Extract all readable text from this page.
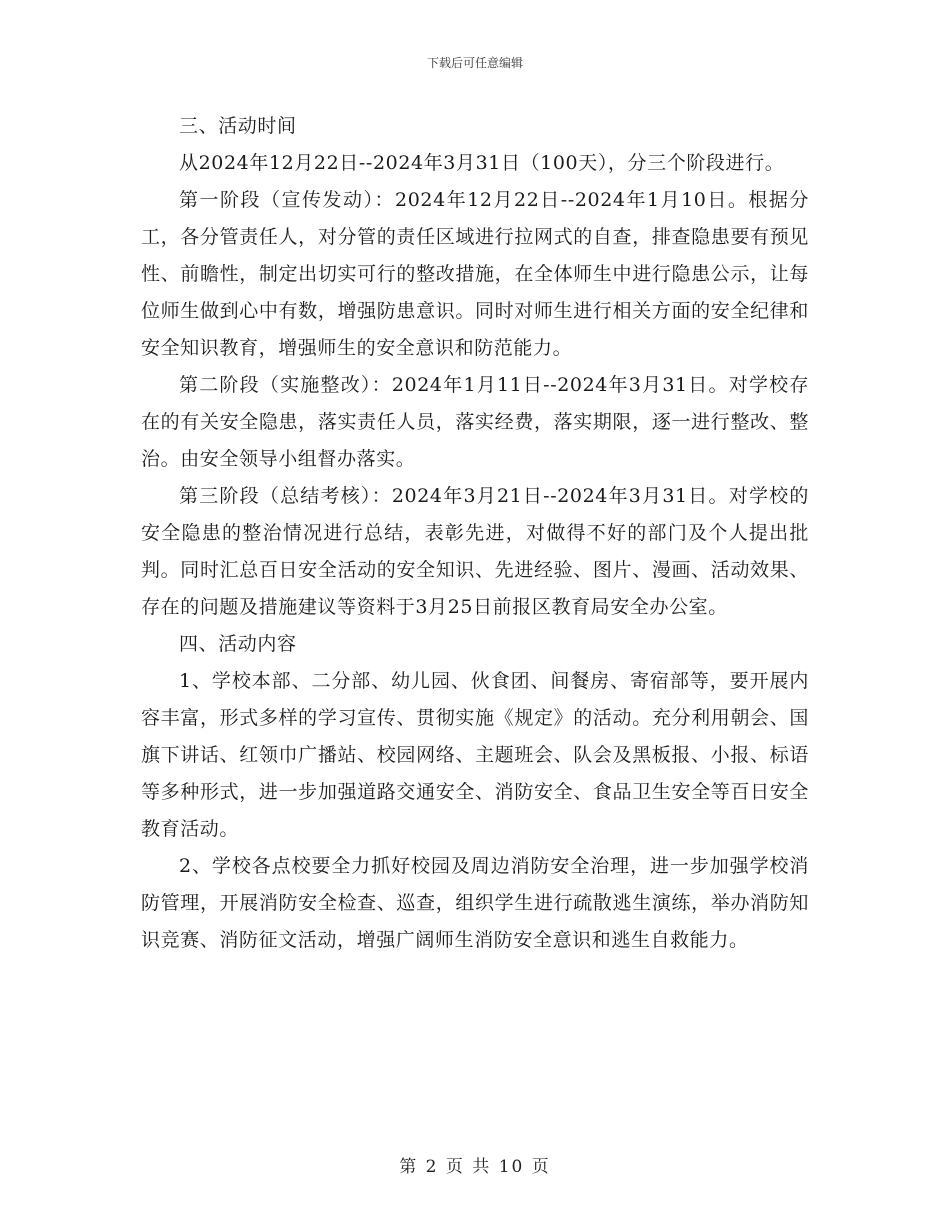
下载后可任意编辑

三、活动时间

从2024年12月22日--2024年3月31日（100天），分三个阶段进行。

第一阶段（宣传发动）：2024年12月22日--2024年1月10日。根据分工，各分管责任人，对分管的责任区域进行拉网式的自查，排查隐患要有预见性、前瞻性，制定出切实可行的整改措施，在全体师生中进行隐患公示，让每位师生做到心中有数，增强防患意识。同时对师生进行相关方面的安全纪律和安全知识教育，增强师生的安全意识和防范能力。

第二阶段（实施整改）：2024年1月11日--2024年3月31日。对学校存在的有关安全隐患，落实责任人员，落实经费，落实期限，逐一进行整改、整治。由安全领导小组督办落实。

第三阶段（总结考核）：2024年3月21日--2024年3月31日。对学校的安全隐患的整治情况进行总结，表彰先进，对做得不好的部门及个人提出批判。同时汇总百日安全活动的安全知识、先进经验、图片、漫画、活动效果、存在的问题及措施建议等资料于3月25日前报区教育局安全办公室。

四、活动内容

1、学校本部、二分部、幼儿园、伙食团、间餐房、寄宿部等，要开展内容丰富，形式多样的学习宣传、贯彻实施《规定》的活动。充分利用朝会、国旗下讲话、红领巾广播站、校园网络、主题班会、队会及黑板报、小报、标语等多种形式，进一步加强道路交通安全、消防安全、食品卫生安全等百日安全教育活动。

2、学校各点校要全力抓好校园及周边消防安全治理，进一步加强学校消防管理，开展消防安全检查、巡查，组织学生进行疏散逃生演练，举办消防知识竞赛、消防征文活动，增强广阔师生消防安全意识和逃生自救能力。

第 2 页 共 10 页
